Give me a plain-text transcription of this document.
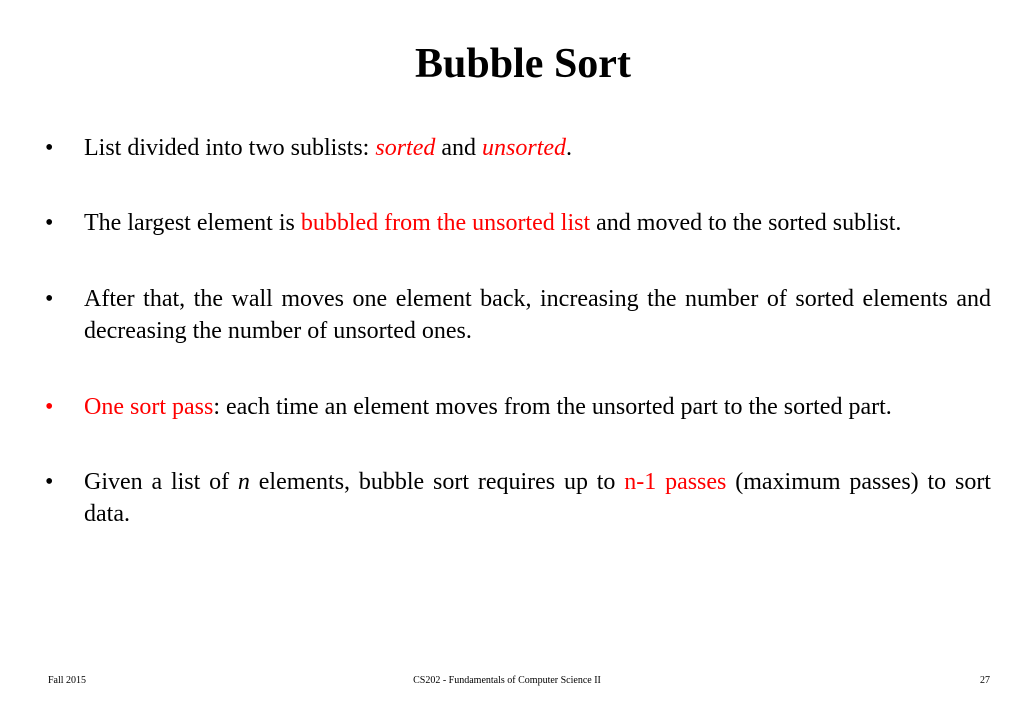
Bubble Sort
•	List divided into two sublists: sorted and unsorted.
•	The largest element is bubbled from the unsorted list and moved to the sorted sublist.
•	After that, the wall moves one element back, increasing the number of sorted elements and decreasing the number of unsorted ones.
•	One sort pass: each time an element moves from the unsorted part to the sorted part.
•	Given a list of n elements, bubble sort requires up to n-1 passes (maximum passes) to sort data.
Fall 2015	CS202 - Fundamentals of Computer Science II	27
